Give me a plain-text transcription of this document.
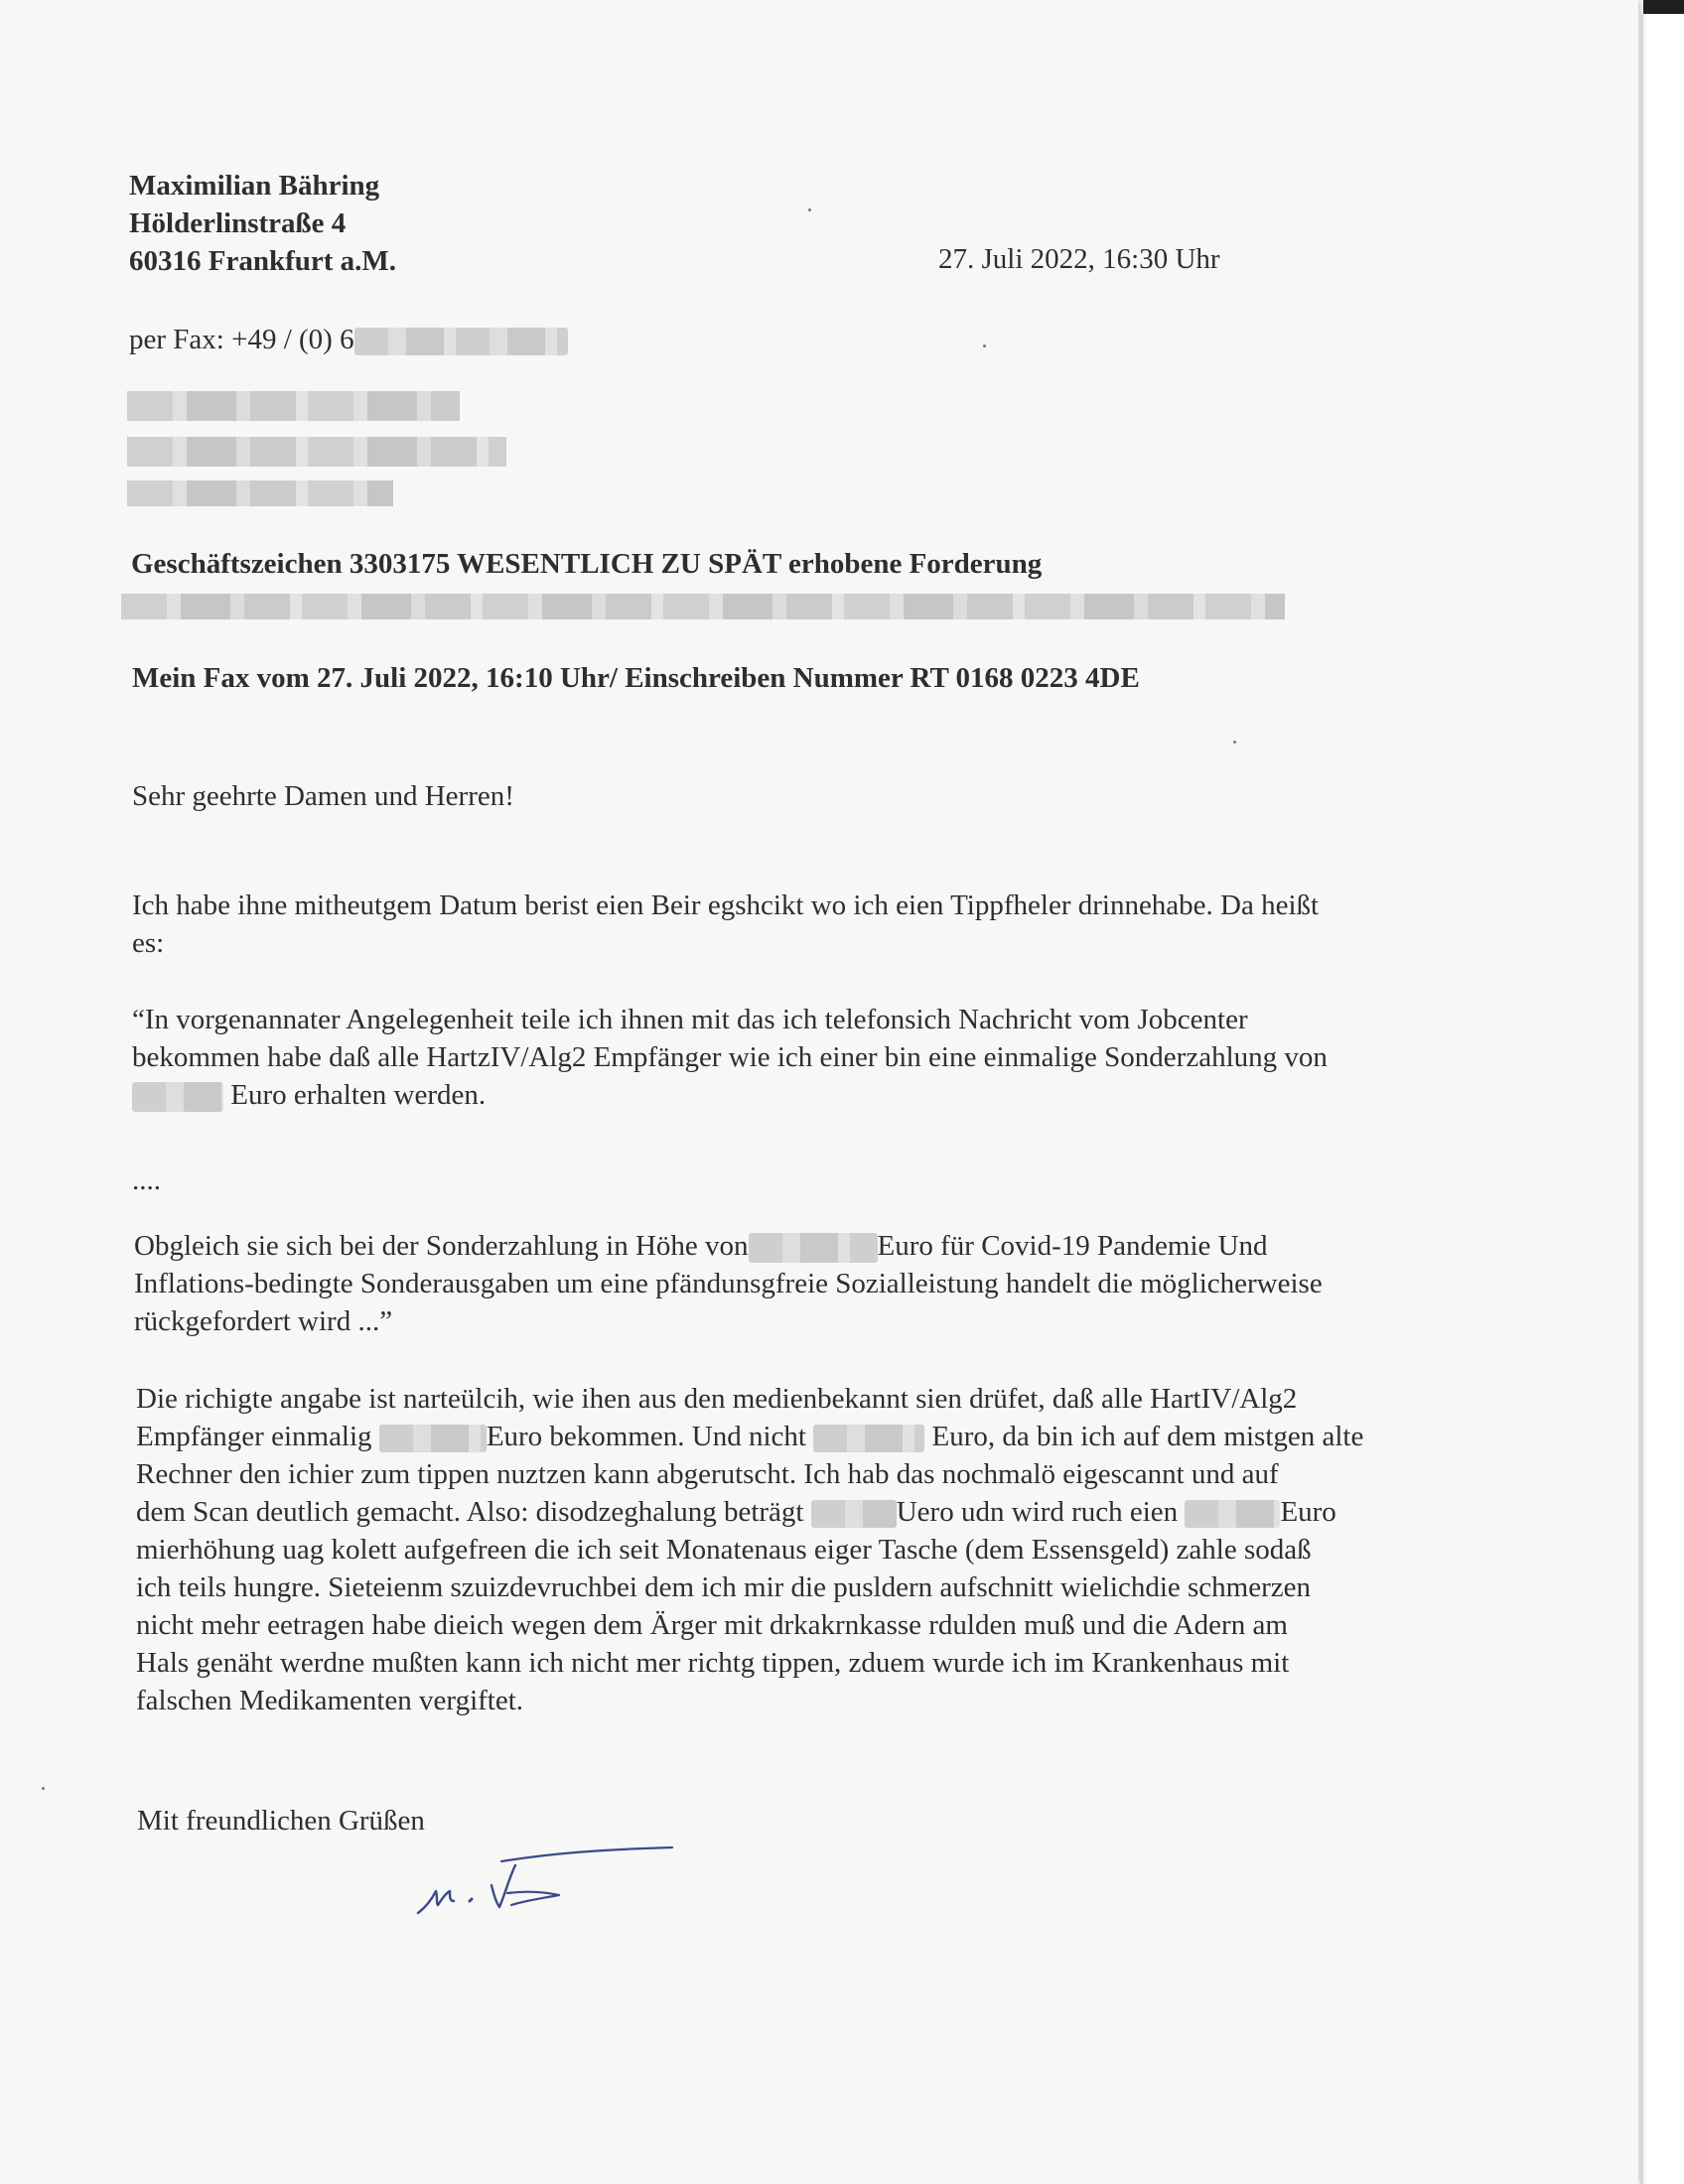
Maximilian Bähring
Hölderlinstraße 4
60316 Frankfurt a.M.	27. Juli 2022, 16:30 Uhr
per Fax: +49 / (0) 6
Geschäftszeichen 3303175 WESENTLICH ZU SPÄT erhobene Forderung
Mein Fax vom 27. Juli 2022, 16:10 Uhr/ Einschreiben Nummer RT 0168 0223 4DE
Sehr geehrte Damen und Herren!
Ich habe ihne mitheutgem Datum berist eien Beir egshcikt wo ich eien Tippfheler drinnehabe. Da heißt
es:
“In vorgenannater Angelegenheit teile ich ihnen mit das ich telefonsich Nachricht vom Jobcenter
bekommen habe daß alle HartzIV/Alg2 Empfänger wie ich einer bin eine einmalige Sonderzahlung von
Euro erhalten werden.
....
Obgleich sie sich bei der Sonderzahlung in Höhe von	Euro für Covid-19 Pandemie Und
Inflations-bedingte Sonderausgaben um eine pfändunsgfreie Sozialleistung handelt die möglicherweise
rückgefordert wird ...”
Die richigte angabe ist narteülcih, wie ihen aus den medienbekannt sien drüfet, daß alle HartIV/Alg2
Empfänger einmalig	Euro bekommen. Und nicht	Euro, da bin ich auf dem mistgen alte
Rechner den ichier zum tippen nuztzen kann abgerutscht. Ich hab das nochmalö eigescannt und auf
dem Scan deutlich gemacht. Also: disodzeghalung beträgt	Uero udn wird ruch eien	Euro
mierhöhung uag kolett aufgefreen die ich seit Monatenaus eiger Tasche (dem Essensgeld) zahle sodaß
ich teils hungre. Sieteienm szuizdevruchbei dem ich mir die pusldern aufschnitt wielichdie schmerzen
nicht mehr eetragen habe dieich wegen dem Ärger mit drkakrnkasse rdulden muß und die Adern am
Hals genäht werdne mußten kann ich nicht mer richtg tippen, zduem wurde ich im Krankenhaus mit
falschen Medikamenten vergiftet.
Mit freundlichen Grüßen
